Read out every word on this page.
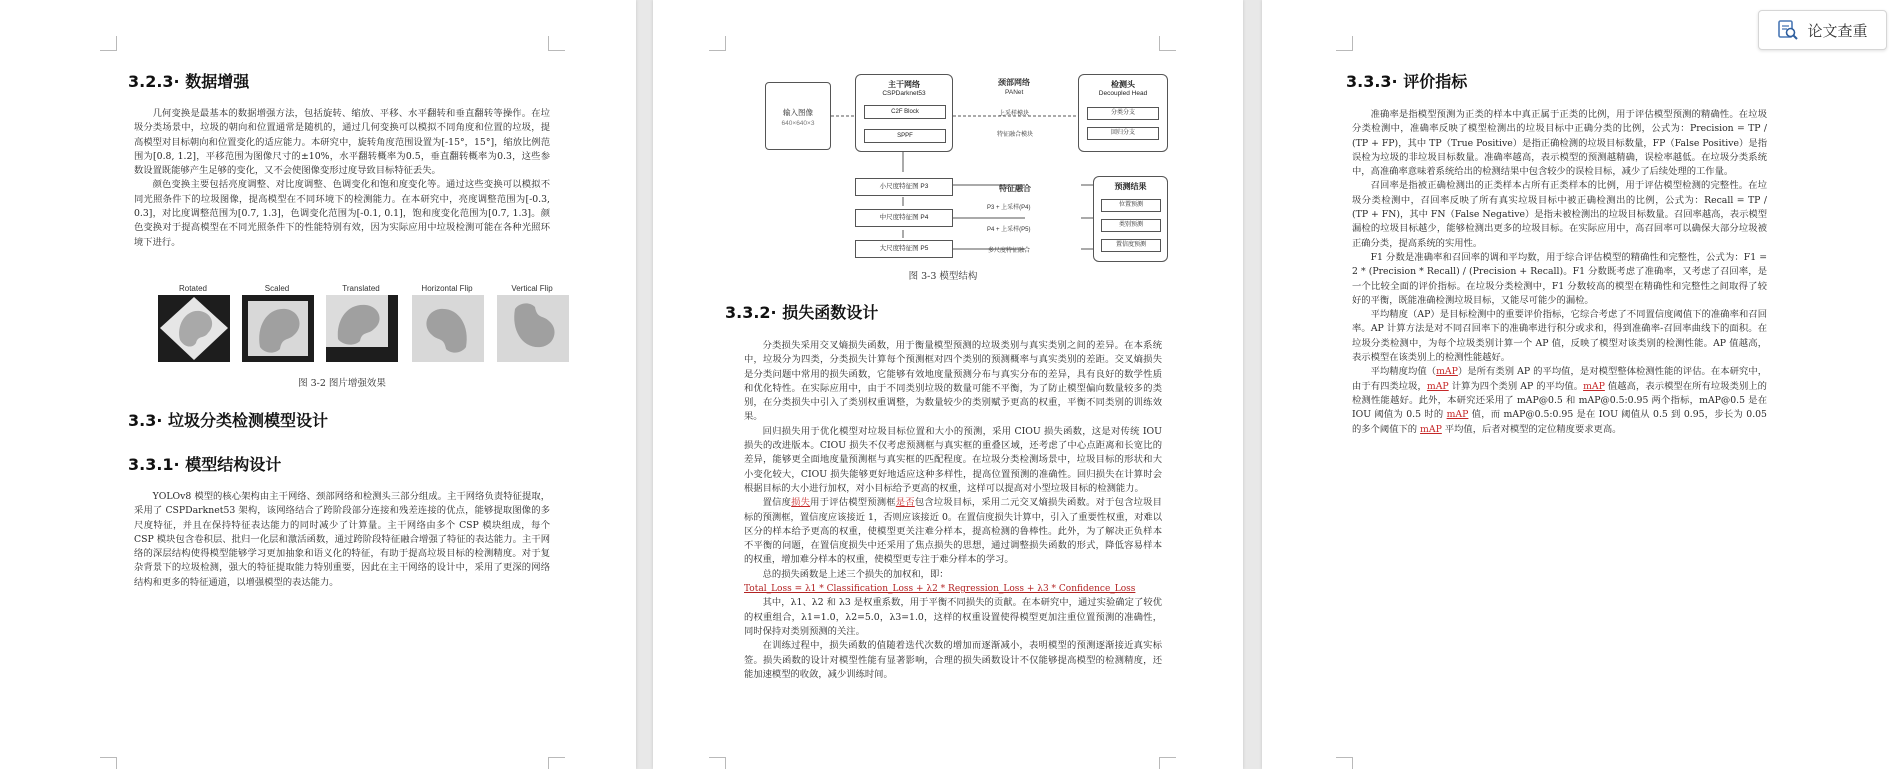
3.2.3· 数据增强

几何变换是最基本的数据增强方法，包括旋转、缩放、平移、水平翻转和垂直翻转等操作。在垃圾分类场景中，垃圾的朝向和位置通常是随机的，通过几何变换可以模拟不同角度和位置的垃圾，提高模型对目标朝向和位置变化的适应能力。本研究中，旋转角度范围设置为[-15°，15°]，缩放比例范围为[0.8, 1.2]，平移范围为图像尺寸的±10%，水平翻转概率为0.5，垂直翻转概率为0.3，这些参数设置既能够产生足够的变化，又不会使图像变形过度导致目标特征丢失。

颜色变换主要包括亮度调整、对比度调整、色调变化和饱和度变化等。通过这些变换可以模拟不同光照条件下的垃圾图像，提高模型在不同环境下的检测能力。在本研究中，亮度调整范围为[-0.3, 0.3]，对比度调整范围为[0.7, 1.3]，色调变化范围为[-0.1, 0.1]，饱和度变化范围为[0.7, 1.3]。颜色变换对于提高模型在不同光照条件下的性能特别有效，因为实际应用中垃圾检测可能在各种光照环境下进行。

Rotated	Scaled	Translated	Horizontal Flip	Vertical Flip
图 3-2 图片增强效果
3.3· 垃圾分类检测模型设计
3.3.1· 模型结构设计

YOLOv8 模型的核心架构由主干网络、颈部网络和检测头三部分组成。主干网络负责特征提取，采用了 CSPDarknet53 架构，该网络结合了跨阶段部分连接和残差连接的优点，能够提取图像的多尺度特征，并且在保持特征表达能力的同时减少了计算量。主干网络由多个 CSP 模块组成，每个 CSP 模块包含卷积层、批归一化层和激活函数，通过跨阶段特征融合增强了特征的表达能力。主干网络的深层结构使得模型能够学习更加抽象和语义化的特征，有助于提高垃圾目标的检测精度。对于复杂背景下的垃圾检测，强大的特征提取能力特别重要，因此在主干网络的设计中，采用了更深的网络结构和更多的特征通道，以增强模型的表达能力。

输入图像
640×640×3
主干网络
CSPDarknet53
C2F Block
SPPF
颈部网络
PANet
上采样模块
特征融合模块
检测头
Decoupled Head
分类分支
回归分支
小尺度特征图 P3
中尺度特征图 P4
大尺度特征图 P5
特征融合
P3 + 上采样(P4)
P4 + 上采样(P5)
多尺度特征融合
预测结果
位置预测
类别预测
置信度预测
图 3-3 模型结构
3.3.2· 损失函数设计

分类损失采用交叉熵损失函数，用于衡量模型预测的垃圾类别与真实类别之间的差异。在本系统中，垃圾分为四类，分类损失计算每个预测框对四个类别的预测概率与真实类别的差距。交叉熵损失是分类问题中常用的损失函数，它能够有效地度量预测分布与真实分布的差异，具有良好的数学性质和优化特性。在实际应用中，由于不同类别垃圾的数量可能不平衡，为了防止模型偏向数量较多的类别，在分类损失中引入了类别权重调整，为数量较少的类别赋予更高的权重，平衡不同类别的训练效果。

回归损失用于优化模型对垃圾目标位置和大小的预测，采用 CIOU 损失函数，这是对传统 IOU 损失的改进版本。CIOU 损失不仅考虑预测框与真实框的重叠区域，还考虑了中心点距离和长宽比的差异，能够更全面地度量预测框与真实框的匹配程度。在垃圾分类检测场景中，垃圾目标的形状和大小变化较大，CIOU 损失能够更好地适应这种多样性，提高位置预测的准确性。回归损失在计算时会根据目标的大小进行加权，对小目标给予更高的权重，这样可以提高对小型垃圾目标的检测能力。

置信度损失用于评估模型预测框是否包含垃圾目标，采用二元交叉熵损失函数。对于包含垃圾目标的预测框，置信度应该接近 1，否则应该接近 0。在置信度损失计算中，引入了重要性权重，对难以区分的样本给予更高的权重，使模型更关注难分样本，提高检测的鲁棒性。此外，为了解决正负样本不平衡的问题，在置信度损失中还采用了焦点损失的思想，通过调整损失函数的形式，降低容易样本的权重，增加难分样本的权重，使模型更专注于难分样本的学习。

总的损失函数是上述三个损失的加权和，即：

Total_Loss = λ1 * Classification_Loss + λ2 * Regression_Loss + λ3 * Confidence_Loss

其中，λ1、λ2 和 λ3 是权重系数，用于平衡不同损失的贡献。在本研究中，通过实验确定了较优的权重组合，λ1=1.0，λ2=5.0，λ3=1.0，这样的权重设置使得模型更加注重位置预测的准确性，同时保持对类别预测的关注。

在训练过程中，损失函数的值随着迭代次数的增加而逐渐减小，表明模型的预测逐渐接近真实标签。损失函数的设计对模型性能有显著影响，合理的损失函数设计不仅能够提高模型的检测精度，还能加速模型的收敛，减少训练时间。

3.3.3· 评价指标

准确率是指模型预测为正类的样本中真正属于正类的比例，用于评估模型预测的精确性。在垃圾分类检测中，准确率反映了模型检测出的垃圾目标中正确分类的比例，公式为：Precision = TP / (TP + FP)，其中 TP（True Positive）是指正确检测的垃圾目标数量，FP（False Positive）是指误检为垃圾的非垃圾目标数量。准确率越高，表示模型的预测越精确，误检率越低。在垃圾分类系统中，高准确率意味着系统给出的检测结果中包含较少的误检目标，减少了后续处理的工作量。

召回率是指被正确检测出的正类样本占所有正类样本的比例，用于评估模型检测的完整性。在垃圾分类检测中，召回率反映了所有真实垃圾目标中被正确检测出的比例，公式为：Recall = TP / (TP + FN)，其中 FN（False Negative）是指未被检测出的垃圾目标数量。召回率越高，表示模型漏检的垃圾目标越少，能够检测出更多的垃圾目标。在实际应用中，高召回率可以确保大部分垃圾被正确分类，提高系统的实用性。

F1 分数是准确率和召回率的调和平均数，用于综合评估模型的精确性和完整性，公式为：F1 = 2 * (Precision * Recall) / (Precision + Recall)。F1 分数既考虑了准确率，又考虑了召回率，是一个比较全面的评价指标。在垃圾分类检测中，F1 分数较高的模型在精确性和完整性之间取得了较好的平衡，既能准确检测垃圾目标，又能尽可能少的漏检。

平均精度（AP）是目标检测中的重要评价指标，它综合考虑了不同置信度阈值下的准确率和召回率。AP 计算方法是对不同召回率下的准确率进行积分或求和，得到准确率-召回率曲线下的面积。在垃圾分类检测中，为每个垃圾类别计算一个 AP 值，反映了模型对该类别的检测性能。AP 值越高，表示模型在该类别上的检测性能越好。

平均精度均值（mAP）是所有类别 AP 的平均值，是对模型整体检测性能的评估。在本研究中，由于有四类垃圾，mAP 计算为四个类别 AP 的平均值。mAP 值越高，表示模型在所有垃圾类别上的检测性能越好。此外，本研究还采用了 mAP@0.5 和 mAP@0.5:0.95 两个指标，mAP@0.5 是在 IOU 阈值为 0.5 时的 mAP 值，而 mAP@0.5:0.95 是在 IOU 阈值从 0.5 到 0.95，步长为 0.05 的多个阈值下的 mAP 平均值，后者对模型的定位精度要求更高。

论文查重
